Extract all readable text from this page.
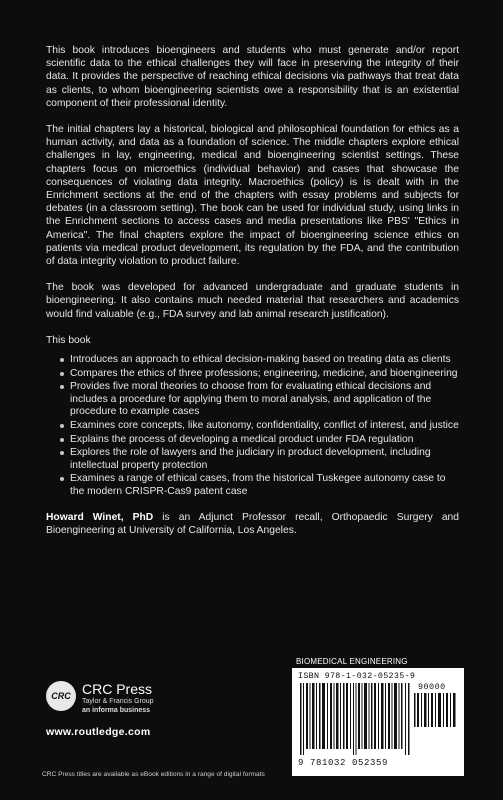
This book introduces bioengineers and students who must generate and/or report scientific data to the ethical challenges they will face in preserving the integrity of their data. It provides the perspective of reaching ethical decisions via pathways that treat data as clients, to whom bioengineering scientists owe a responsibility that is an existential component of their professional identity.

The initial chapters lay a historical, biological and philosophical foundation for ethics as a human activity, and data as a foundation of science. The middle chapters explore ethical challenges in lay, engineering, medical and bioengineering scientist settings. These chapters focus on microethics (individual behavior) and cases that showcase the consequences of violating data integrity. Macroethics (policy) is is dealt with in the Enrichment sections at the end of the chapters with essay problems and subjects for debates (in a classroom setting). The book can be used for individual study, using links in the Enrichment sections to access cases and media presentations like PBS' "Ethics in America". The final chapters explore the impact of bioengineering science ethics on patients via medical product development, its regulation by the FDA, and the contribution of data integrity violation to product failure.

The book was developed for advanced undergraduate and graduate students in bioengineering. It also contains much needed material that researchers and academics would find valuable (e.g., FDA survey and lab animal research justification).

This book

Introduces an approach to ethical decision-making based on treating data as clients
Compares the ethics of three professions; engineering, medicine, and bioengineering
Provides five moral theories to choose from for evaluating ethical decisions and includes a procedure for applying them to moral analysis, and application of the procedure to example cases
Examines core concepts, like autonomy, confidentiality, conflict of interest, and justice
Explains the process of developing a medical product under FDA regulation
Explores the role of lawyers and the judiciary in product development, including intellectual property protection
Examines a range of ethical cases, from the historical Tuskegee autonomy case to the modern CRISPR-Cas9 patent case

Howard Winet, PhD is an Adjunct Professor recall, Orthopaedic Surgery and Bioengineering at University of California, Los Angeles.

CRC CRC Press
Taylor & Francis Group
an informa business
www.routledge.com
CRC Press titles are available as eBook editions in a range of digital formats
BIOMEDICAL ENGINEERING
ISBN 978-1-032-05235-9
90000
9 781032 052359
